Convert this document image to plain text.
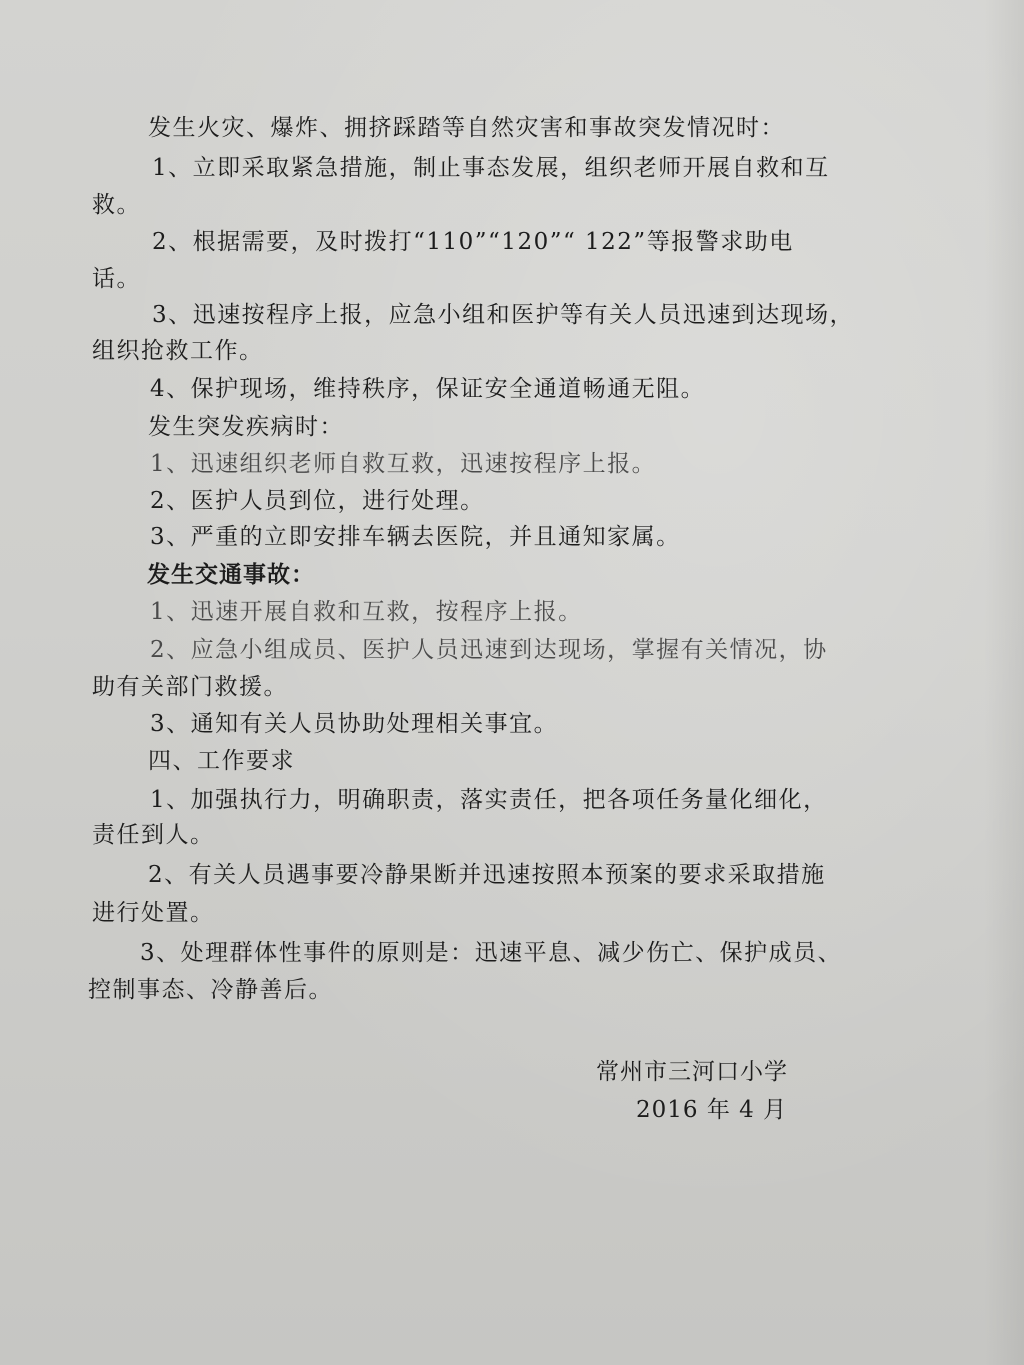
发生火灾、爆炸、拥挤踩踏等自然灾害和事故突发情况时：
1、立即采取紧急措施，制止事态发展，组织老师开展自救和互
救。
2、根据需要，及时拨打“110”“120”“ 122”等报警求助电
话。
3、迅速按程序上报，应急小组和医护等有关人员迅速到达现场，
组织抢救工作。
4、保护现场，维持秩序，保证安全通道畅通无阻。
发生突发疾病时：
1、迅速组织老师自救互救，迅速按程序上报。
2、医护人员到位，进行处理。
3、严重的立即安排车辆去医院，并且通知家属。
发生交通事故：
1、迅速开展自救和互救，按程序上报。
2、应急小组成员、医护人员迅速到达现场，掌握有关情况，协
助有关部门救援。
3、通知有关人员协助处理相关事宜。
四、工作要求
1、加强执行力，明确职责，落实责任，把各项任务量化细化，
责任到人。
2、有关人员遇事要冷静果断并迅速按照本预案的要求采取措施
进行处置。
3、处理群体性事件的原则是：迅速平息、减少伤亡、保护成员、
控制事态、冷静善后。
常州市三河口小学
2016 年 4 月
